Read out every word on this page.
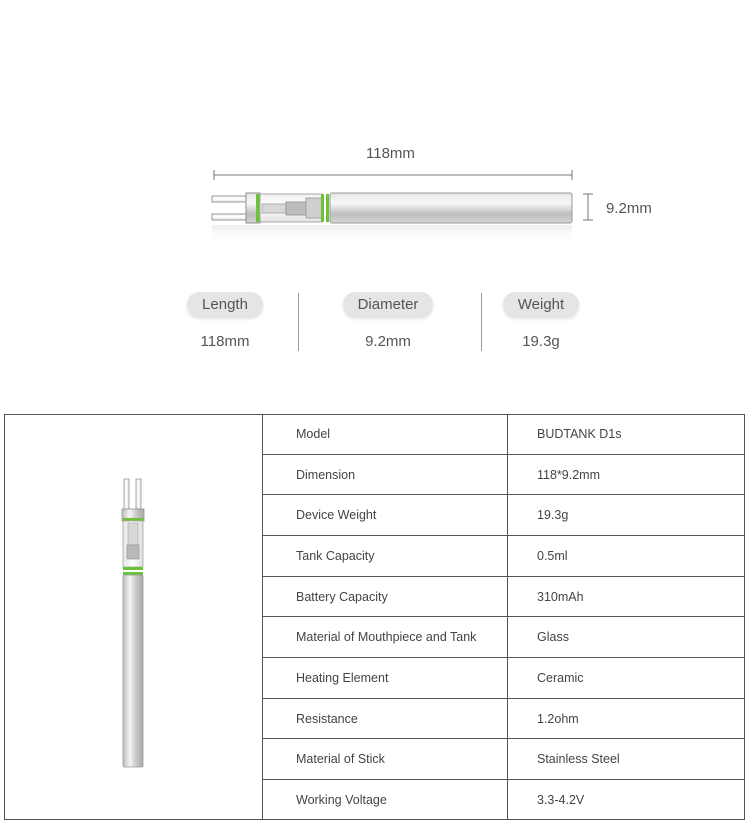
118mm
9.2mm
Length
118mm
Diameter
9.2mm
Weight
19.3g
Model	BUDTANK D1s
Dimension	118*9.2mm
Device Weight	19.3g
Tank Capacity	0.5ml
Battery Capacity	310mAh
Material of Mouthpiece and Tank	Glass
Heating Element	Ceramic
Resistance	1.2ohm
Material of Stick	Stainless Steel
Working Voltage	3.3-4.2V
